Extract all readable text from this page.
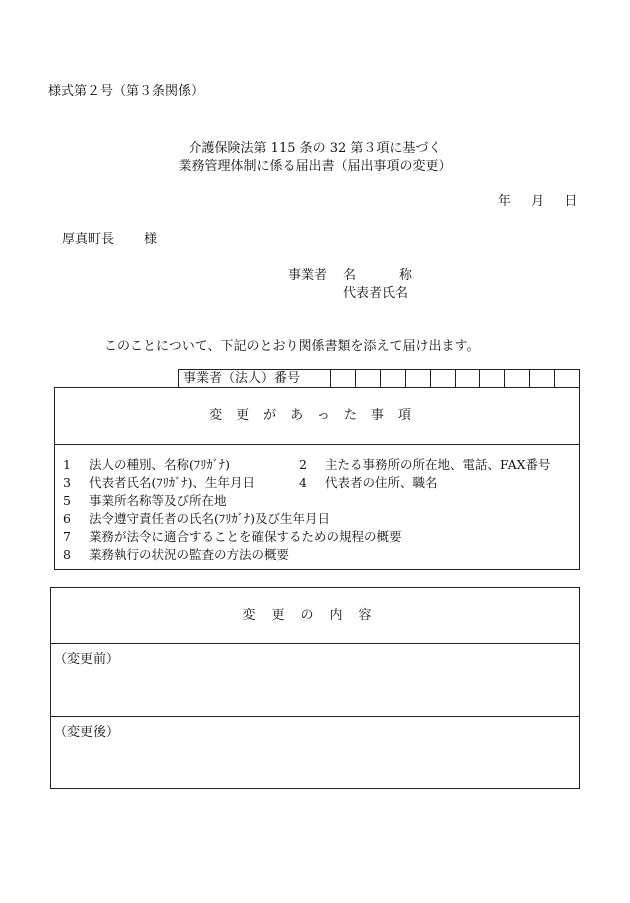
様式第２号（第３条関係）
介護保険法第 115 条の 32 第３項に基づく
業務管理体制に係る届出書（届出事項の変更）
年 月 日
厚真町長 様
事業者 名称
代表者氏名
このことについて、下記のとおり関係書類を添えて届け出ます。
事業者（法人）番号
変更があった事項
1 法人の種別、名称(ﾌﾘｶﾞﾅ)	2 主たる事務所の所在地、電話、FAX番号
3 代表者氏名(ﾌﾘｶﾞﾅ)、生年月日	4 代表者の住所、職名
5 事業所名称等及び所在地
6 法令遵守責任者の氏名(ﾌﾘｶﾞﾅ)及び生年月日
7 業務が法令に適合することを確保するための規程の概要
8 業務執行の状況の監査の方法の概要
変更の内容
（変更前）
（変更後）
